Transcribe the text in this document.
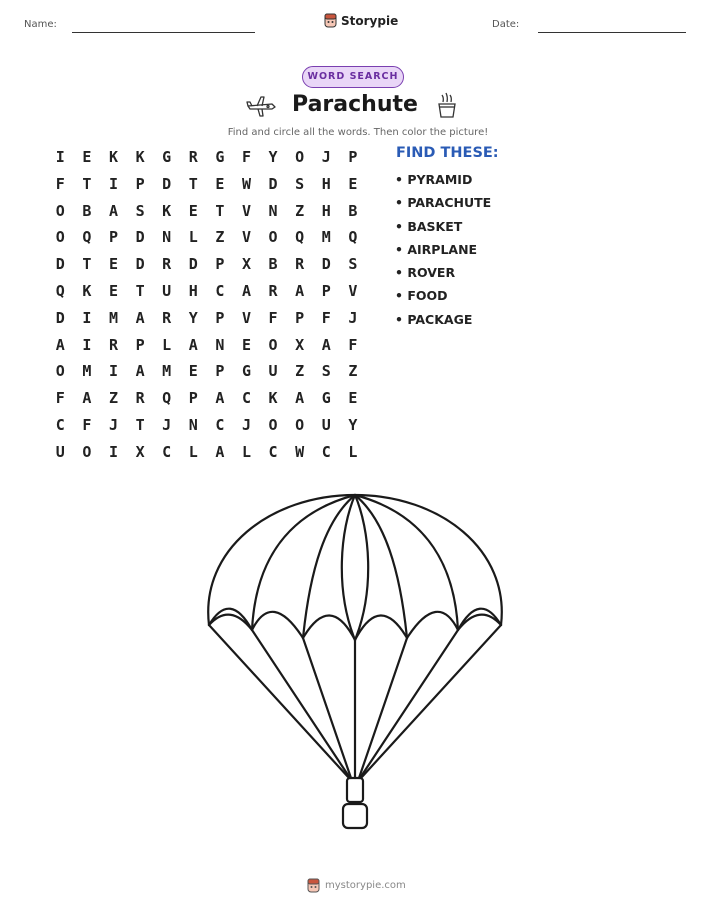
Name:	Storypie	Date:
WORD SEARCH
Parachute
Find and circle all the words. Then color the picture!
I	E	K	K	G	R	G	F	Y	O	J	P
F	T	I	P	D	T	E	W	D	S	H	E
O	B	A	S	K	E	T	V	N	Z	H	B
O	Q	P	D	N	L	Z	V	O	Q	M	Q
D	T	E	D	R	D	P	X	B	R	D	S
Q	K	E	T	U	H	C	A	R	A	P	V
D	I	M	A	R	Y	P	V	F	P	F	J
A	I	R	P	L	A	N	E	O	X	A	F
O	M	I	A	M	E	P	G	U	Z	S	Z
F	A	Z	R	Q	P	A	C	K	A	G	E
C	F	J	T	J	N	C	J	O	O	U	Y
U	O	I	X	C	L	A	L	C	W	C	L
FIND THESE:
• PYRAMID
• PARACHUTE
• BASKET
• AIRPLANE
• ROVER
• FOOD
• PACKAGE
mystorypie.com
